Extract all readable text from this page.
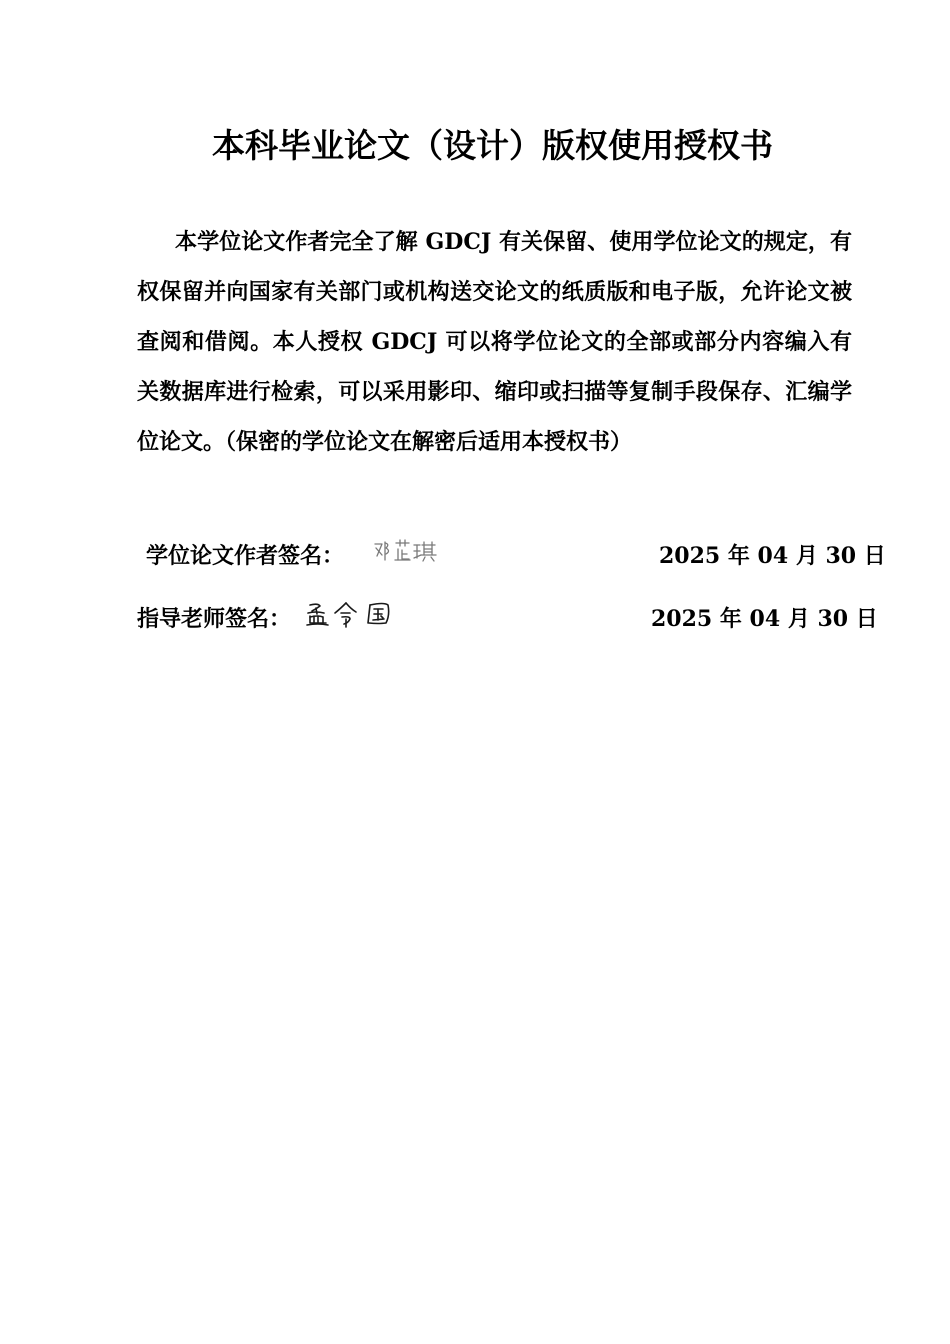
本科毕业论文（设计）版权使用授权书
本学位论文作者完全了解 GDCJ 有关保留、使用学位论文的规定，有权保留并向国家有关部门或机构送交论文的纸质版和电子版，允许论文被查阅和借阅。本人授权 GDCJ 可以将学位论文的全部或部分内容编入有关数据库进行检索，可以采用影印、缩印或扫描等复制手段保存、汇编学位论文。（保密的学位论文在解密后适用本授权书）
学位论文作者签名：	2025 年 04 月 30 日
指导老师签名：	2025 年 04 月 30 日
